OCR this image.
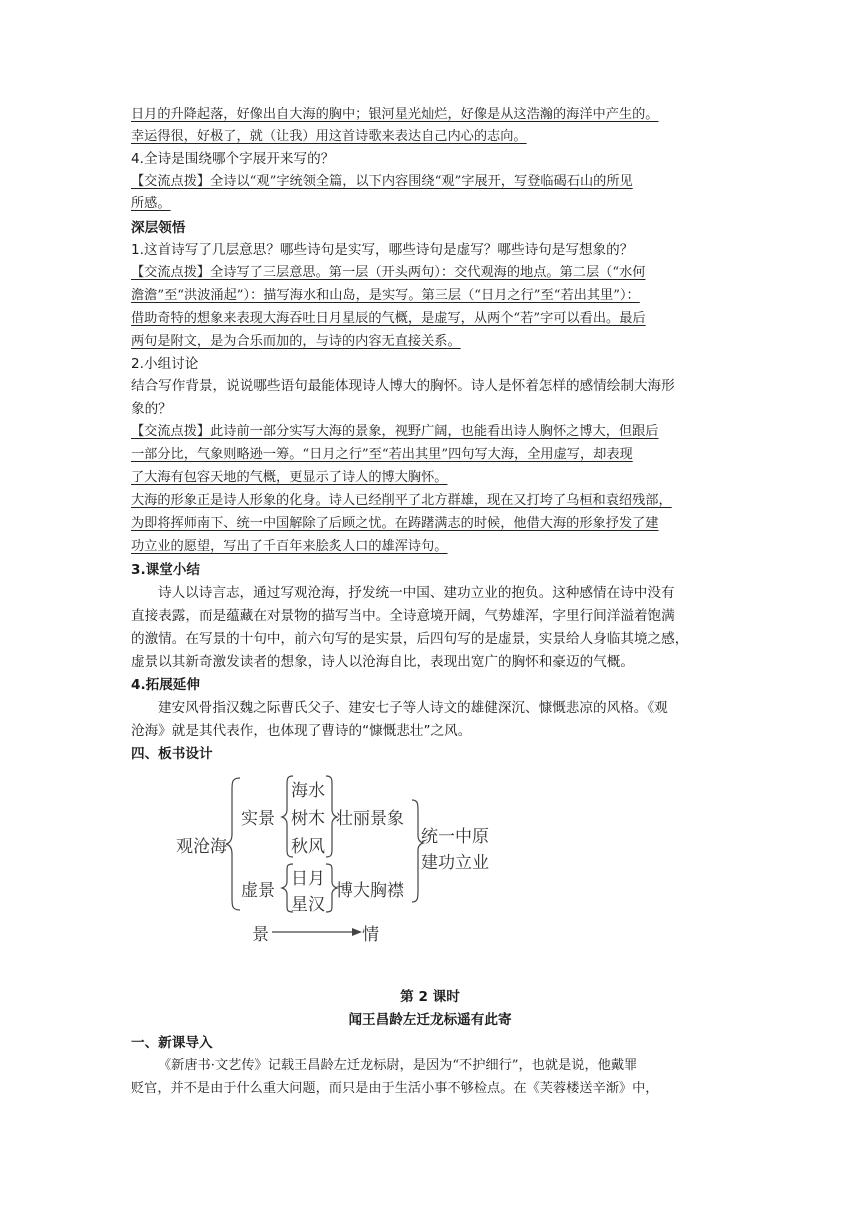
日月的升降起落，好像出自大海的胸中；银河星光灿烂，好像是从这浩瀚的海洋中产生的。
幸运得很，好极了，就（让我）用这首诗歌来表达自己内心的志向。
4.全诗是围绕哪个字展开来写的？
【交流点拨】全诗以“观”字统领全篇，以下内容围绕“观”字展开，写登临碣石山的所见
所感。
深层领悟
1.这首诗写了几层意思？哪些诗句是实写，哪些诗句是虚写？哪些诗句是写想象的？
【交流点拨】全诗写了三层意思。第一层（开头两句）：交代观海的地点。第二层（“水何
澹澹”至“洪波涌起”）：描写海水和山岛，是实写。第三层（“日月之行”至“若出其里”）：
借助奇特的想象来表现大海吞吐日月星辰的气概，是虚写，从两个“若”字可以看出。最后
两句是附文，是为合乐而加的，与诗的内容无直接关系。
2.小组讨论
结合写作背景，说说哪些语句最能体现诗人博大的胸怀。诗人是怀着怎样的感情绘制大海形
象的？
【交流点拨】此诗前一部分实写大海的景象，视野广阔，也能看出诗人胸怀之博大，但跟后
一部分比，气象则略逊一筹。“日月之行”至“若出其里”四句写大海，全用虚写，却表现
了大海有包容天地的气概，更显示了诗人的博大胸怀。
大海的形象正是诗人形象的化身。诗人已经削平了北方群雄，现在又打垮了乌桓和袁绍残部，
为即将挥师南下、统一中国解除了后顾之忧。在踌躇满志的时候，他借大海的形象抒发了建
功立业的愿望，写出了千百年来脍炙人口的雄浑诗句。
3.课堂小结
诗人以诗言志，通过写观沧海，抒发统一中国、建功立业的抱负。这种感情在诗中没有
直接表露，而是蕴藏在对景物的描写当中。全诗意境开阔，气势雄浑，字里行间洋溢着饱满
的激情。在写景的十句中，前六句写的是实景，后四句写的是虚景，实景给人身临其境之感，
虚景以其新奇激发读者的想象，诗人以沧海自比，表现出宽广的胸怀和豪迈的气概。
4.拓展延伸
建安风骨指汉魏之际曹氏父子、建安七子等人诗文的雄健深沉、慷慨悲凉的风格。《观
沧海》就是其代表作，也体现了曹诗的“慷慨悲壮”之风。
四、板书设计
观沧海
实景
海水
树木
秋风
壮丽景象
虚景
日月
星汉
博大胸襟
统一中原
建功立业
景	情
第 2 课时
闻王昌龄左迁龙标遥有此寄
一、新课导入
《新唐书·文艺传》记载王昌龄左迁龙标尉，是因为“不护细行”，也就是说，他戴罪
贬官，并不是由于什么重大问题，而只是由于生活小事不够检点。在《芙蓉楼送辛渐》中，
